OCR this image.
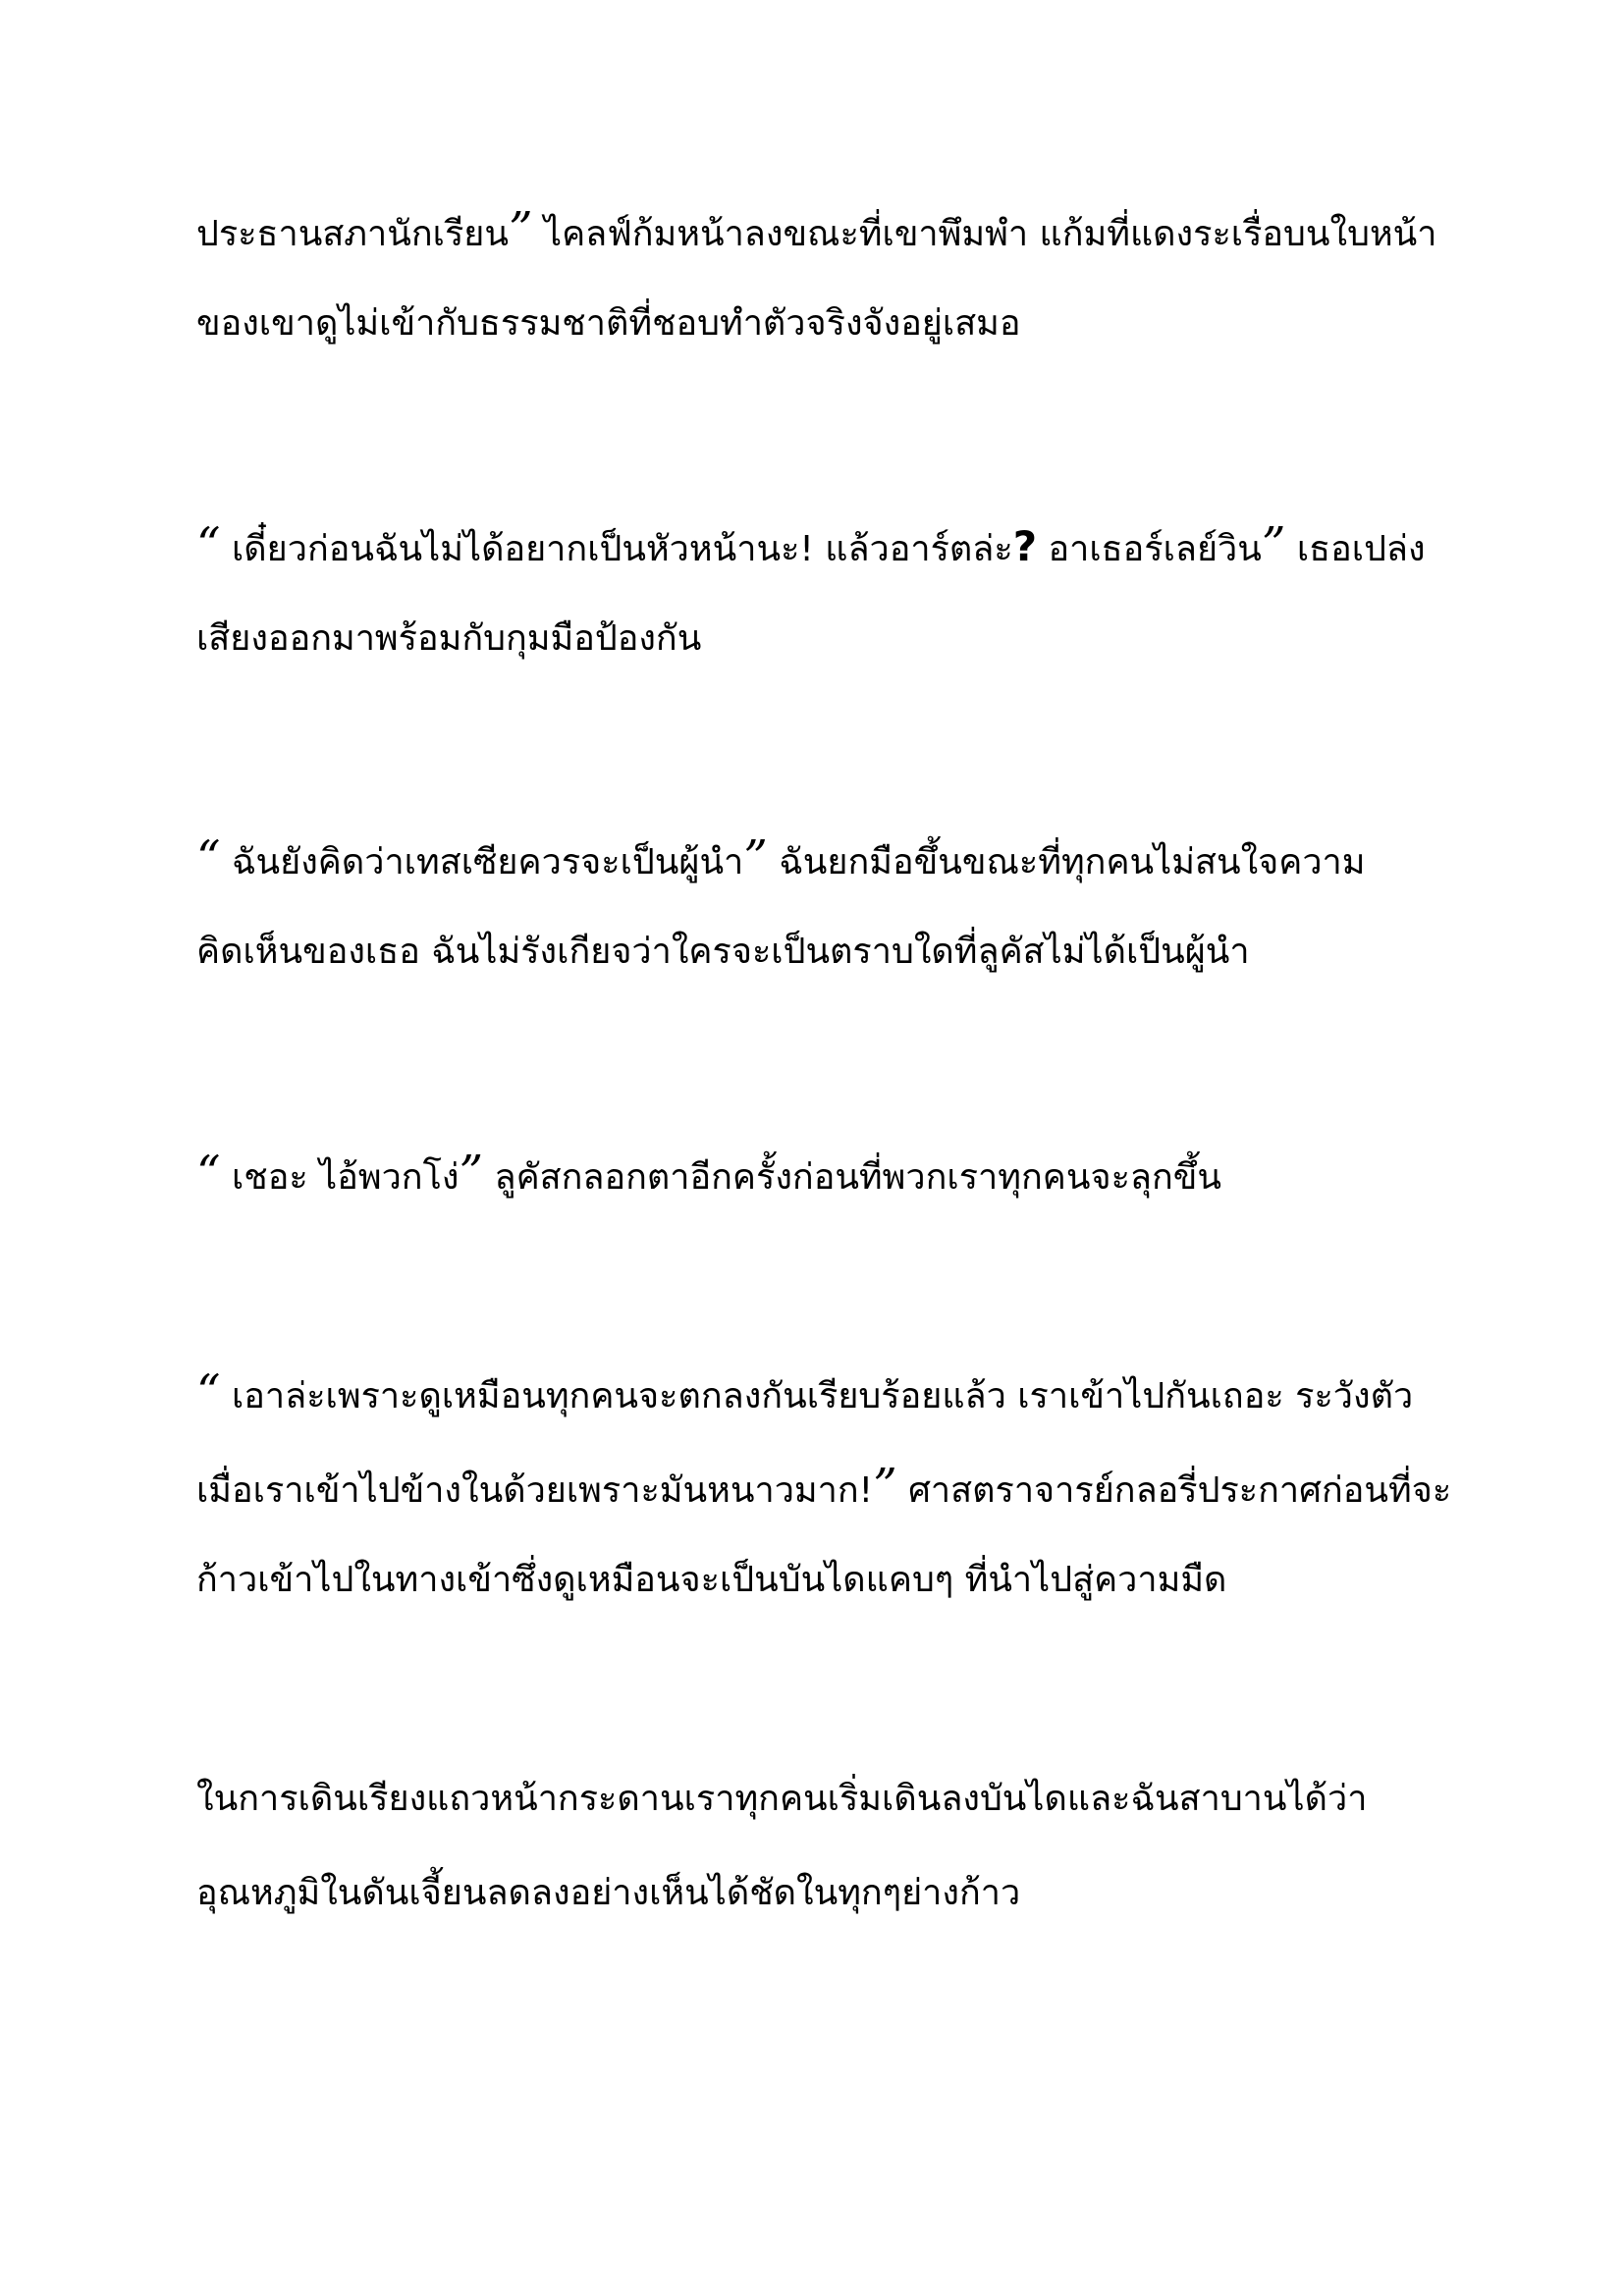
ประธานสภานักเรียน” ไคลฟ์ก้มหน้าลงขณะที่เขาพึมพำ แก้มที่แดงระเรื่อบนใบหน้า
ของเขาดูไม่เข้ากับธรรมชาติที่ชอบทำตัวจริงจังอยู่เสมอ
“ เดี๋ยวก่อนฉันไม่ได้อยากเป็นหัวหน้านะ! แล้วอาร์ตล่ะ? อาเธอร์เลย์วิน” เธอเปล่ง
เสียงออกมาพร้อมกับกุมมือป้องกัน
“ ฉันยังคิดว่าเทสเซียควรจะเป็นผู้นำ” ฉันยกมือขึ้นขณะที่ทุกคนไม่สนใจความ
คิดเห็นของเธอ ฉันไม่รังเกียจว่าใครจะเป็นตราบใดที่ลูคัสไม่ได้เป็นผู้นำ
“ เชอะ ไอ้พวกโง่” ลูคัสกลอกตาอีกครั้งก่อนที่พวกเราทุกคนจะลุกขึ้น
“ เอาล่ะเพราะดูเหมือนทุกคนจะตกลงกันเรียบร้อยแล้ว เราเข้าไปกันเถอะ ระวังตัว
เมื่อเราเข้าไปข้างในด้วยเพราะมันหนาวมาก!” ศาสตราจารย์กลอรี่ประกาศก่อนที่จะ
ก้าวเข้าไปในทางเข้าซึ่งดูเหมือนจะเป็นบันไดแคบๆ ที่นำไปสู่ความมืด
ในการเดินเรียงแถวหน้ากระดานเราทุกคนเริ่มเดินลงบันไดและฉันสาบานได้ว่า
อุณหภูมิในดันเจี้ยนลดลงอย่างเห็นได้ชัดในทุกๆย่างก้าว
